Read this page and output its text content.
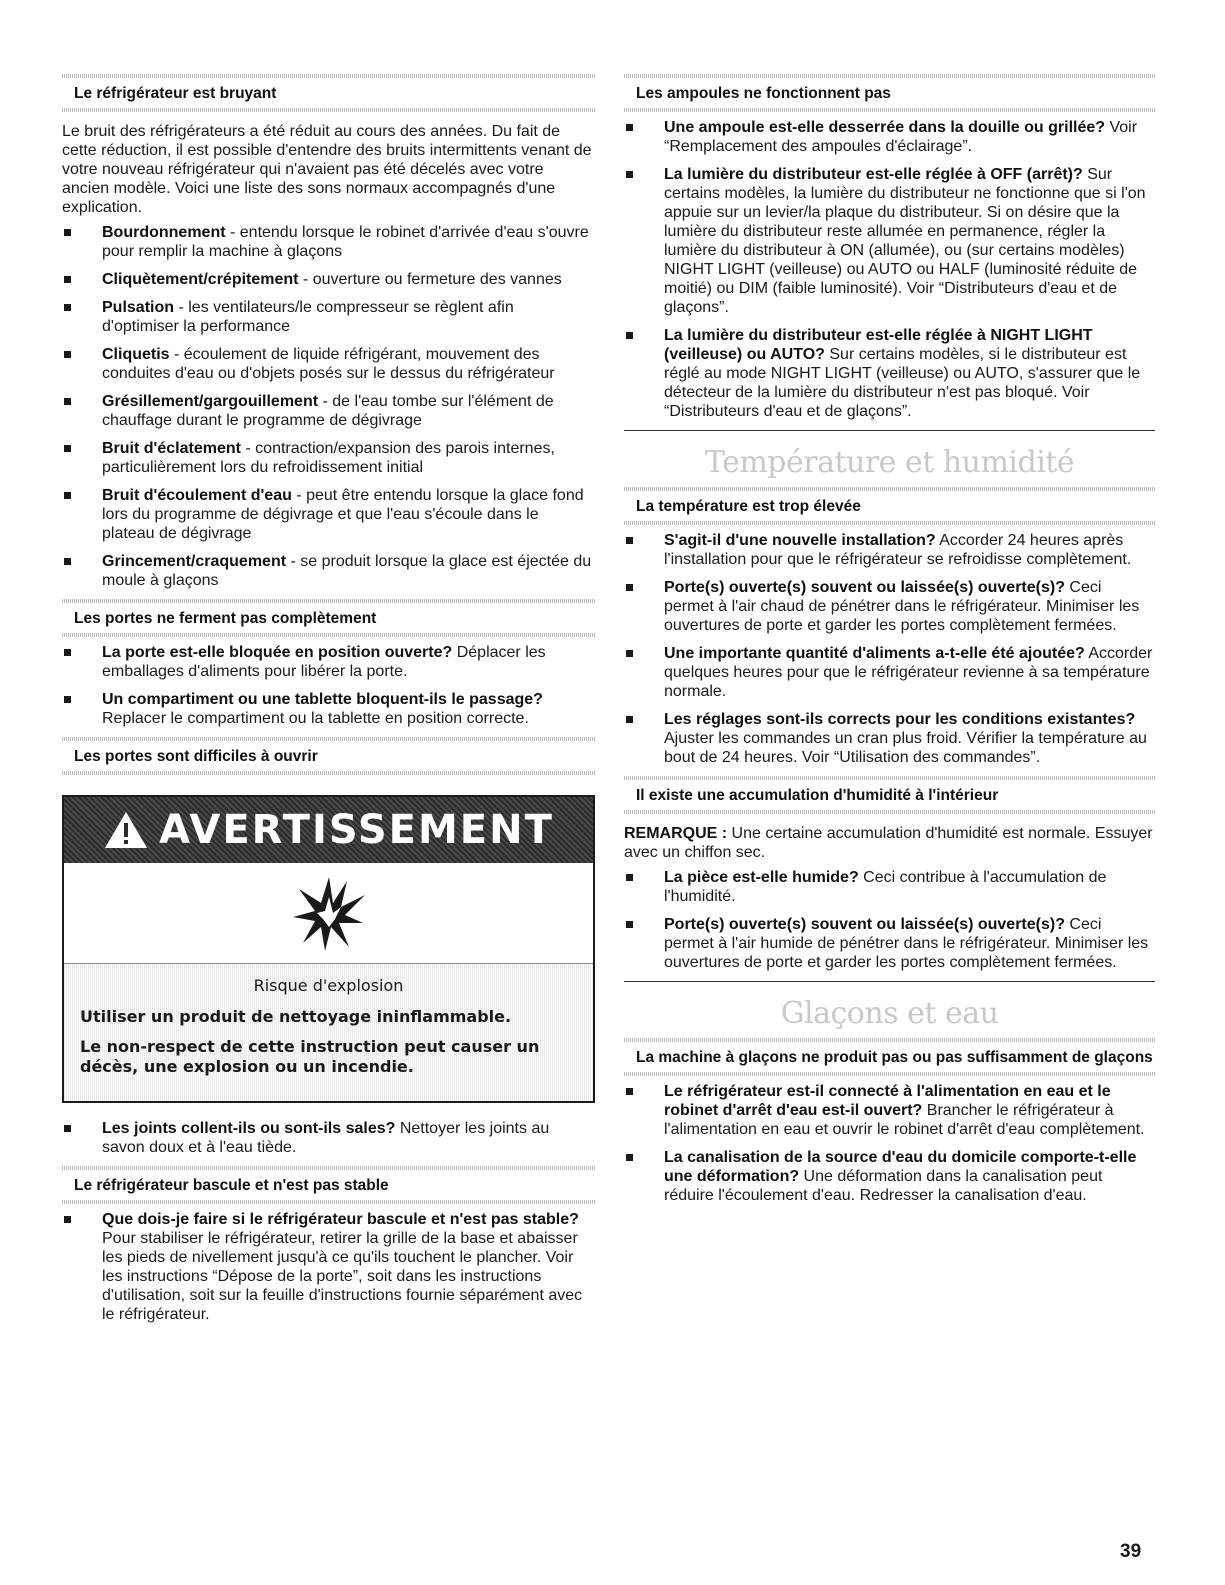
Le réfrigérateur est bruyant

Le bruit des réfrigérateurs a été réduit au cours des années. Du fait de cette réduction, il est possible d'entendre des bruits intermittents venant de votre nouveau réfrigérateur qui n'avaient pas été décelés avec votre ancien modèle. Voici une liste des sons normaux accompagnés d'une explication.

Bourdonnement - entendu lorsque le robinet d'arrivée d'eau s'ouvre pour remplir la machine à glaçons
Cliquètement/crépitement - ouverture ou fermeture des vannes
Pulsation - les ventilateurs/le compresseur se règlent afin d'optimiser la performance
Cliquetis - écoulement de liquide réfrigérant, mouvement des conduites d'eau ou d'objets posés sur le dessus du réfrigérateur
Grésillement/gargouillement - de l'eau tombe sur l'élément de chauffage durant le programme de dégivrage
Bruit d'éclatement - contraction/expansion des parois internes, particulièrement lors du refroidissement initial
Bruit d'écoulement d'eau - peut être entendu lorsque la glace fond lors du programme de dégivrage et que l'eau s'écoule dans le plateau de dégivrage
Grincement/craquement - se produit lorsque la glace est éjectée du moule à glaçons
Les portes ne ferment pas complètement
La porte est-elle bloquée en position ouverte? Déplacer les emballages d'aliments pour libérer la porte.
Un compartiment ou une tablette bloquent-ils le passage? Replacer le compartiment ou la tablette en position correcte.
Les portes sont difficiles à ouvrir
AVERTISSEMENT
Risque d'explosion
Utiliser un produit de nettoyage ininflammable.
Le non-respect de cette instruction peut causer un décès, une explosion ou un incendie.
Les joints collent-ils ou sont-ils sales? Nettoyer les joints au savon doux et à l'eau tiède.
Le réfrigérateur bascule et n'est pas stable
Que dois-je faire si le réfrigérateur bascule et n'est pas stable? Pour stabiliser le réfrigérateur, retirer la grille de la base et abaisser les pieds de nivellement jusqu'à ce qu'ils touchent le plancher. Voir les instructions “Dépose de la porte”, soit dans les instructions d'utilisation, soit sur la feuille d'instructions fournie séparément avec le réfrigérateur.
Les ampoules ne fonctionnent pas
Une ampoule est-elle desserrée dans la douille ou grillée? Voir “Remplacement des ampoules d'éclairage”.
La lumière du distributeur est-elle réglée à OFF (arrêt)? Sur certains modèles, la lumière du distributeur ne fonctionne que si l'on appuie sur un levier/la plaque du distributeur. Si on désire que la lumière du distributeur reste allumée en permanence, régler la lumière du distributeur à ON (allumée), ou (sur certains modèles) NIGHT LIGHT (veilleuse) ou AUTO ou HALF (luminosité réduite de moitié) ou DIM (faible luminosité). Voir “Distributeurs d'eau et de glaçons”.
La lumière du distributeur est-elle réglée à NIGHT LIGHT (veilleuse) ou AUTO? Sur certains modèles, si le distributeur est réglé au mode NIGHT LIGHT (veilleuse) ou AUTO, s'assurer que le détecteur de la lumière du distributeur n'est pas bloqué. Voir “Distributeurs d'eau et de glaçons”.
Température et humidité
La température est trop élevée
S'agit-il d'une nouvelle installation? Accorder 24 heures après l'installation pour que le réfrigérateur se refroidisse complètement.
Porte(s) ouverte(s) souvent ou laissée(s) ouverte(s)? Ceci permet à l'air chaud de pénétrer dans le réfrigérateur. Minimiser les ouvertures de porte et garder les portes complètement fermées.
Une importante quantité d'aliments a-t-elle été ajoutée? Accorder quelques heures pour que le réfrigérateur revienne à sa température normale.
Les réglages sont-ils corrects pour les conditions existantes? Ajuster les commandes un cran plus froid. Vérifier la température au bout de 24 heures. Voir “Utilisation des commandes”.
Il existe une accumulation d'humidité à l'intérieur

REMARQUE : Une certaine accumulation d'humidité est normale. Essuyer avec un chiffon sec.

La pièce est-elle humide? Ceci contribue à l'accumulation de l'humidité.
Porte(s) ouverte(s) souvent ou laissée(s) ouverte(s)? Ceci permet à l'air humide de pénétrer dans le réfrigérateur. Minimiser les ouvertures de porte et garder les portes complètement fermées.
Glaçons et eau
La machine à glaçons ne produit pas ou pas suffisamment de glaçons
Le réfrigérateur est-il connecté à l'alimentation en eau et le robinet d'arrêt d'eau est-il ouvert? Brancher le réfrigérateur à l'alimentation en eau et ouvrir le robinet d'arrêt d'eau complètement.
La canalisation de la source d'eau du domicile comporte-t-elle une déformation? Une déformation dans la canalisation peut réduire l'écoulement d'eau. Redresser la canalisation d'eau.
39
